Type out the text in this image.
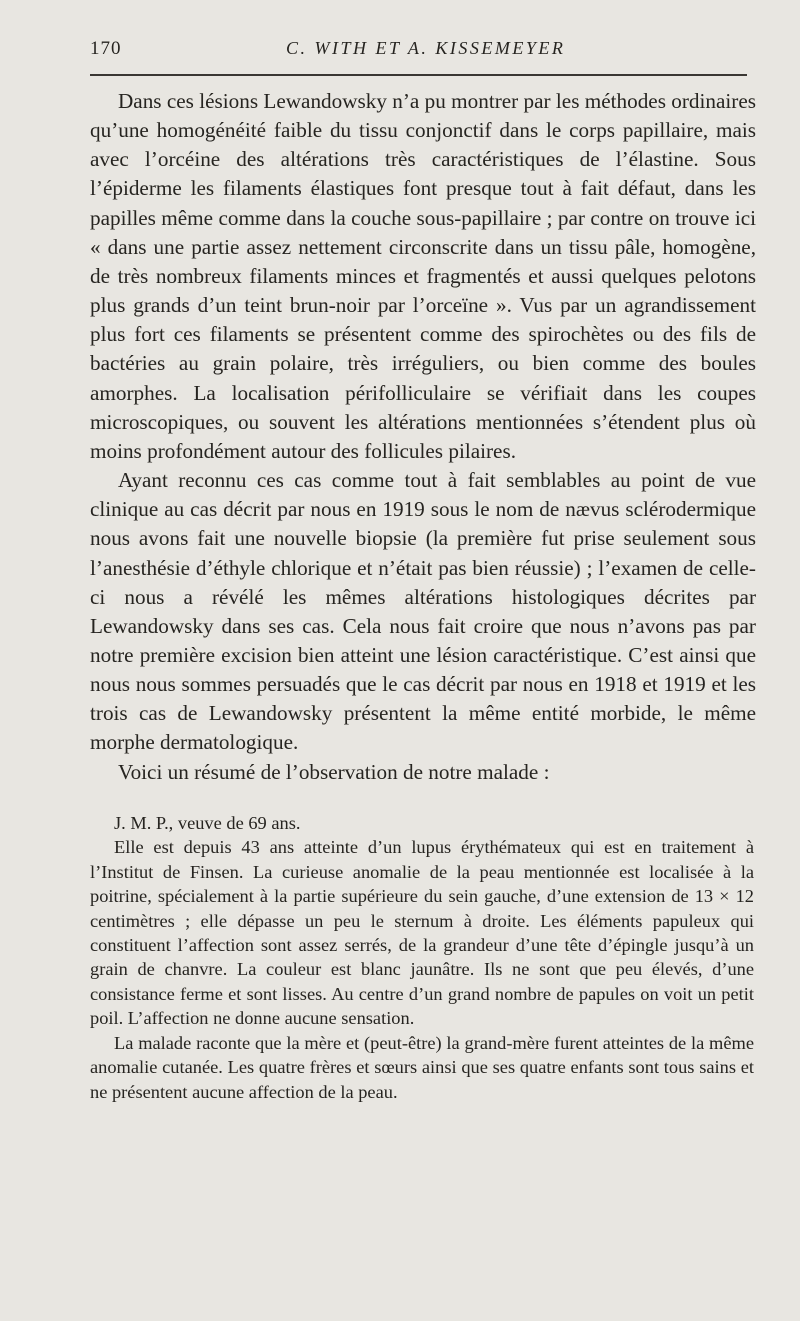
170	C. WITH ET A. KISSEMEYER

Dans ces lésions Lewandowsky n’a pu montrer par les méthodes ordinaires qu’une homogénéité faible du tissu conjonctif dans le corps papillaire, mais avec l’orcéine des altérations très caractéristiques de l’élastine. Sous l’épiderme les filaments élastiques font presque tout à fait défaut, dans les papilles même comme dans la couche sous-papillaire ; par contre on trouve ici « dans une partie assez nettement circonscrite dans un tissu pâle, homogène, de très nombreux filaments minces et fragmentés et aussi quelques pelotons plus grands d’un teint brun-noir par l’orceïne ». Vus par un agrandissement plus fort ces filaments se présentent comme des spirochètes ou des fils de bactéries au grain polaire, très irréguliers, ou bien comme des boules amorphes. La localisation périfolliculaire se vérifiait dans les coupes microscopiques, ou souvent les altérations mentionnées s’étendent plus où moins profondément autour des follicules pilaires.

Ayant reconnu ces cas comme tout à fait semblables au point de vue clinique au cas décrit par nous en 1919 sous le nom de nævus sclérodermique nous avons fait une nouvelle biopsie (la première fut prise seulement sous l’anesthésie d’éthyle chlorique et n’était pas bien réussie) ; l’examen de celle-ci nous a révélé les mêmes altérations histologiques décrites par Lewandowsky dans ses cas. Cela nous fait croire que nous n’avons pas par notre première excision bien atteint une lésion caractéristique. C’est ainsi que nous nous sommes persuadés que le cas décrit par nous en 1918 et 1919 et les trois cas de Lewandowsky présentent la même entité morbide, le même morphe dermatologique.

Voici un résumé de l’observation de notre malade :

J. M. P., veuve de 69 ans.

Elle est depuis 43 ans atteinte d’un lupus érythémateux qui est en traitement à l’Institut de Finsen. La curieuse anomalie de la peau mentionnée est localisée à la poitrine, spécialement à la partie supérieure du sein gauche, d’une extension de 13 × 12 centimètres ; elle dépasse un peu le sternum à droite. Les éléments papuleux qui constituent l’affection sont assez serrés, de la grandeur d’une tête d’épingle jusqu’à un grain de chanvre. La couleur est blanc jaunâtre. Ils ne sont que peu élevés, d’une consistance ferme et sont lisses. Au centre d’un grand nombre de papules on voit un petit poil. L’affection ne donne aucune sensation.

La malade raconte que la mère et (peut-être) la grand-mère furent atteintes de la même anomalie cutanée. Les quatre frères et sœurs ainsi que ses quatre enfants sont tous sains et ne présentent aucune affection de la peau.
